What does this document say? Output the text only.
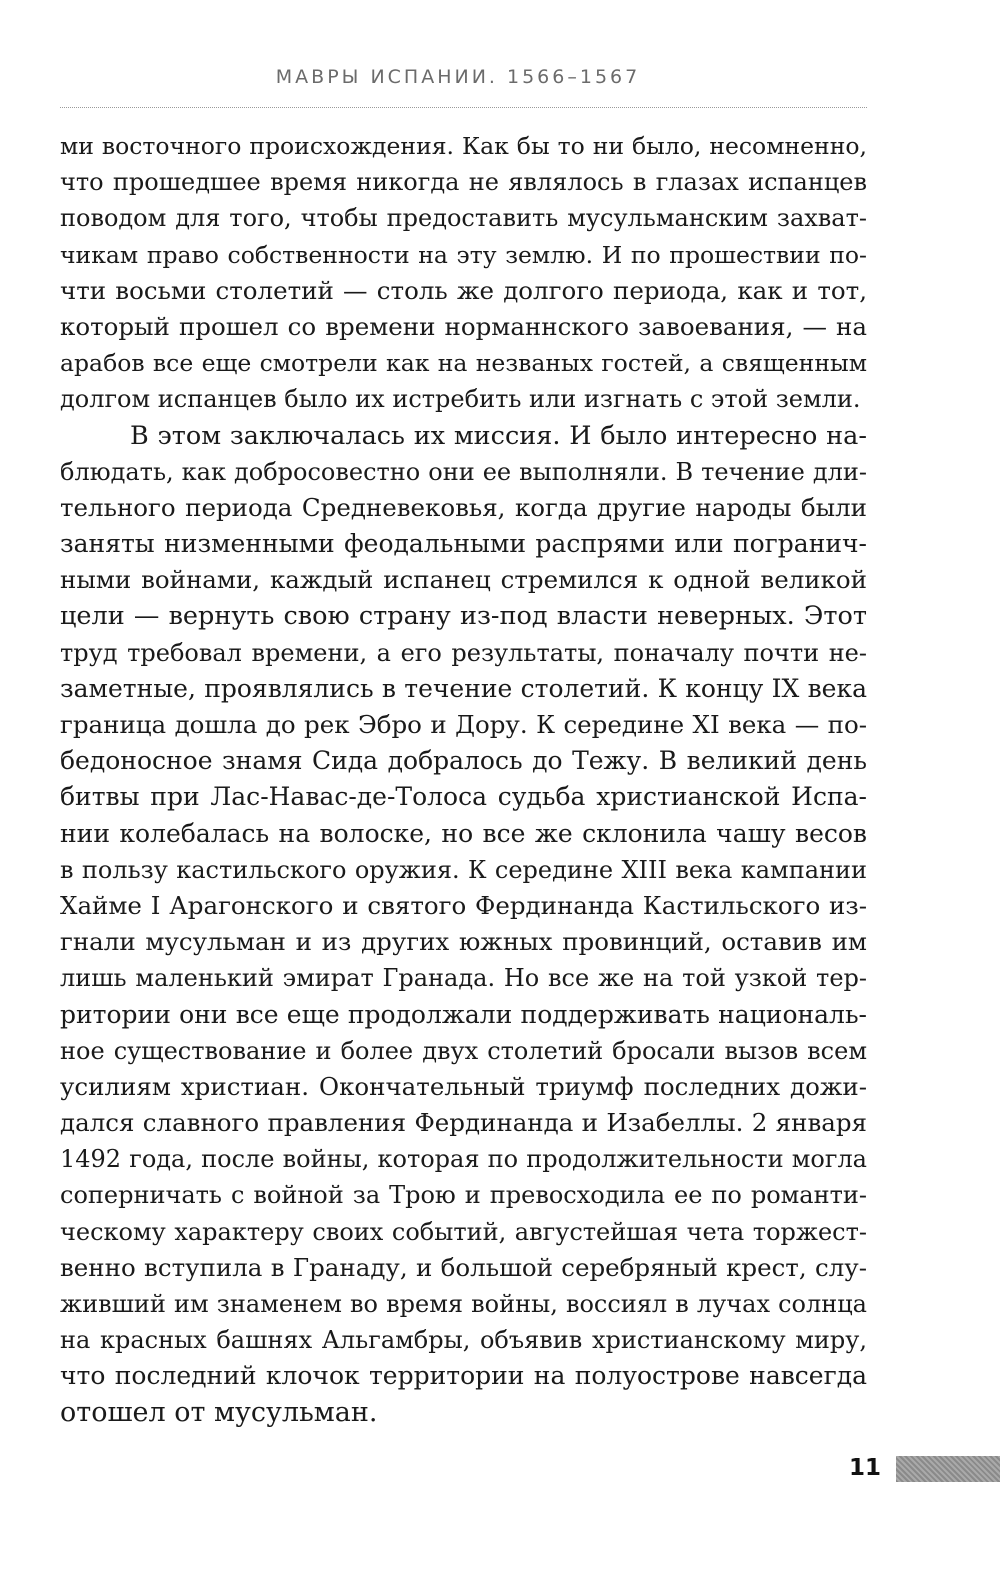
МАВРЫ ИСПАНИИ. 1566–1567
ми восточного происхождения. Как бы то ни было, несомненно,
что прошедшее время никогда не являлось в глазах испанцев
поводом для того, чтобы предоставить мусульманским захват-
чикам право собственности на эту землю. И по прошествии по-
чти восьми столетий — столь же долгого периода, как и тот,
который прошел со времени норманнского завоевания, — на
арабов все еще смотрели как на незваных гостей, а священным
долгом испанцев было их истребить или изгнать с этой земли.
В этом заключалась их миссия. И было интересно на-
блюдать, как добросовестно они ее выполняли. В течение дли-
тельного периода Средневековья, когда другие народы были
заняты низменными феодальными распрями или погранич-
ными войнами, каждый испанец стремился к одной великой
цели — вернуть свою страну из-под власти неверных. Этот
труд требовал времени, а его результаты, поначалу почти не-
заметные, проявлялись в течение столетий. К концу IX века
граница дошла до рек Эбро и Дору. К середине XI века — по-
бедоносное знамя Сида добралось до Тежу. В великий день
битвы при Лас-Навас-де-Толоса судьба христианской Испа-
нии колебалась на волоске, но все же склонила чашу весов
в пользу кастильского оружия. К середине XIII века кампании
Хайме I Арагонского и святого Фердинанда Кастильского из-
гнали мусульман и из других южных провинций, оставив им
лишь маленький эмират Гранада. Но все же на той узкой тер-
ритории они все еще продолжали поддерживать националь-
ное существование и более двух столетий бросали вызов всем
усилиям христиан. Окончательный триумф последних дожи-
дался славного правления Фердинанда и Изабеллы. 2 января
1492 года, после войны, которая по продолжительности могла
соперничать с войной за Трою и превосходила ее по романти-
ческому характеру своих событий, августейшая чета торжест-
венно вступила в Гранаду, и большой серебряный крест, слу-
живший им знаменем во время войны, воссиял в лучах солнца
на красных башнях Альгамбры, объявив христианскому миру,
что последний клочок территории на полуострове навсегда
отошел от мусульман.
11
